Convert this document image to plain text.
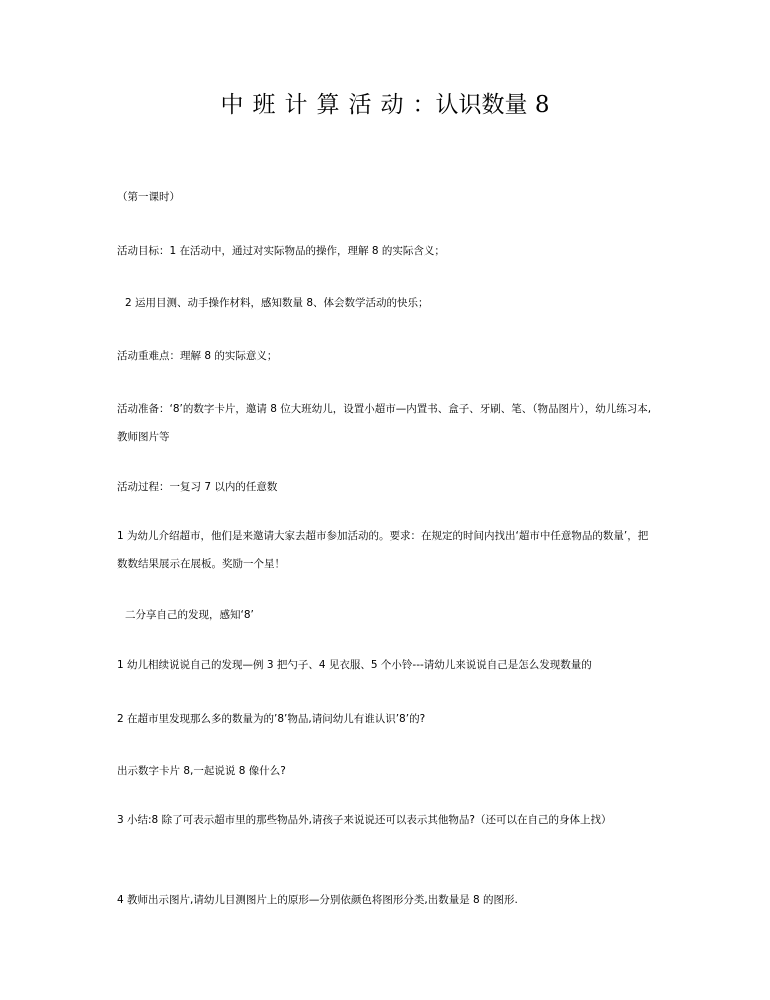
中班计算活动：认识数量 8

（第一课时）

活动目标：1 在活动中，通过对实际物品的操作，理解 8 的实际含义；

2 运用目测、动手操作材料，感知数量 8、体会数学活动的快乐；

活动重难点：理解 8 的实际意义；

活动准备：‘8’的数字卡片，邀请 8 位大班幼儿，设置小超市—内置书、盒子、牙刷、笔、（物品图片），幼儿练习本,教师图片等

活动过程：一复习 7 以内的任意数

1 为幼儿介绍超市，他们是来邀请大家去超市参加活动的。要求：在规定的时间内找出‘超市中任意物品的数量’，把数数结果展示在展板。奖励一个星！

二分享自己的发现，感知‘8’

1 幼儿相续说说自己的发现—例 3 把勺子、4 见衣服、5 个小铃---请幼儿来说说自己是怎么发现数量的

2 在超市里发现那么多的数量为的’8’物品,请问幼儿有谁认识’8’的?

出示数字卡片 8,一起说说 8 像什么?

3 小结:8 除了可表示超市里的那些物品外,请孩子来说说还可以表示其他物品?（还可以在自己的身体上找）

4 教师出示图片,请幼儿目测图片上的原形—分别依颜色将图形分类,出数量是 8 的图形.
